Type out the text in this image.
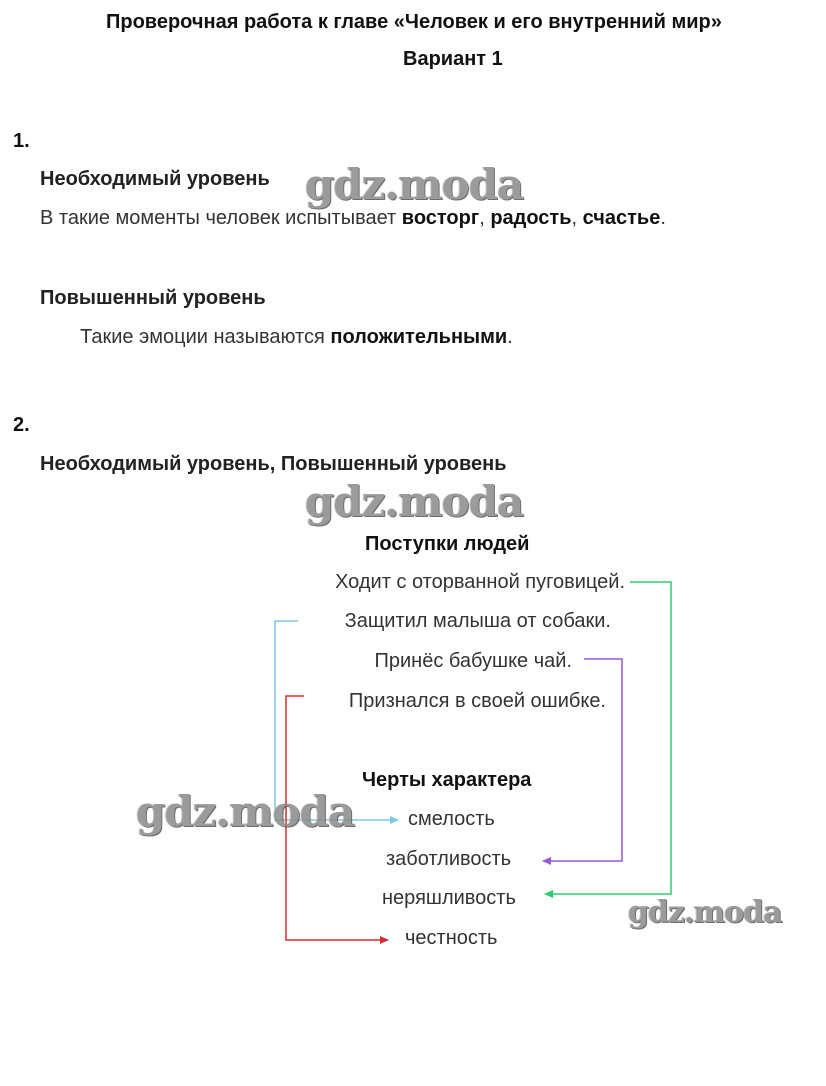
Проверочная работа к главе «Человек и его внутренний мир»
Вариант 1
1.
Необходимый уровень
В такие моменты человек испытывает восторг, радость, счастье.
Повышенный уровень
Такие эмоции называются положительными.
2.
Необходимый уровень, Повышенный уровень
Поступки людей
Ходит с оторванной пуговицей.
Защитил малыша от собаки.
Принёс бабушке чай.
Признался в своей ошибке.
Черты характера
смелость
заботливость
неряшливость
честность
gdz.moda
gdz.moda
gdz.moda
gdz.moda
